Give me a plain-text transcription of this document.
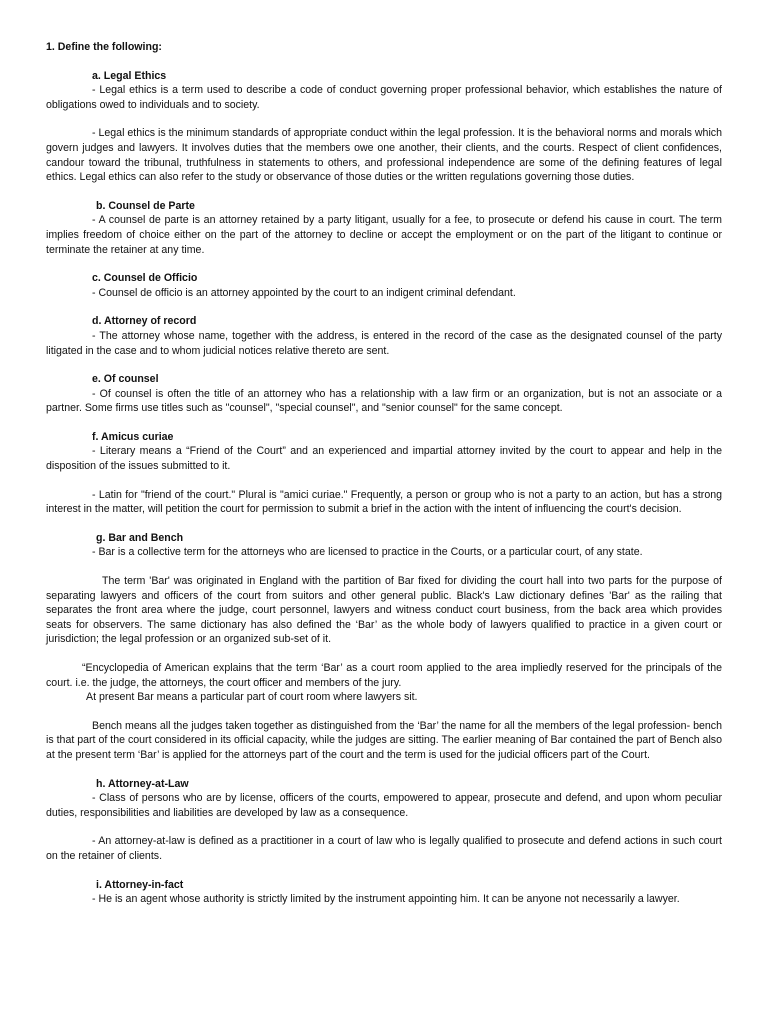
1. Define the following:
a. Legal Ethics

- Legal ethics is a term used to describe a code of conduct governing proper professional behavior, which establishes the nature of obligations owed to individuals and to society.

- Legal ethics is the minimum standards of appropriate conduct within the legal profession. It is the behavioral norms and morals which govern judges and lawyers. It involves duties that the members owe one another, their clients, and the courts. Respect of client confidences, candour toward the tribunal, truthfulness in statements to others, and professional independence are some of the defining features of legal ethics. Legal ethics can also refer to the study or observance of those duties or the written regulations governing those duties.

b. Counsel de Parte

- A counsel de parte is an attorney retained by a party litigant, usually for a fee, to prosecute or defend his cause in court. The term implies freedom of choice either on the part of the attorney to decline or accept the employment or on the part of the litigant to continue or terminate the retainer at any time.

c. Counsel de Officio

- Counsel de officio is an attorney appointed by the court to an indigent criminal defendant.

d. Attorney of record

- The attorney whose name, together with the address, is entered in the record of the case as the designated counsel of the party litigated in the case and to whom judicial notices relative thereto are sent.

e. Of counsel

- Of counsel is often the title of an attorney who has a relationship with a law firm or an organization, but is not an associate or a partner. Some firms use titles such as "counsel", "special counsel", and "senior counsel" for the same concept.

f. Amicus curiae

- Literary means a “Friend of the Court” and an experienced and impartial attorney invited by the court to appear and help in the disposition of the issues submitted to it.

- Latin for "friend of the court." Plural is "amici curiae." Frequently, a person or group who is not a party to an action, but has a strong interest in the matter, will petition the court for permission to submit a brief in the action with the intent of influencing the court's decision.

g. Bar and Bench

- Bar is a collective term for the attorneys who are licensed to practice in the Courts, or a particular court, of any state.

The term 'Bar' was originated in England with the partition of Bar fixed for dividing the court hall into two parts for the purpose of separating lawyers and officers of the court from suitors and other general public. Black's Law dictionary defines 'Bar' as the railing that separates the front area where the judge, court personnel, lawyers and witness conduct court business, from the back area which provides seats for observers. The same dictionary has also defined the ‘Bar’ as the whole body of lawyers qualified to practice in a given court or jurisdiction; the legal profession or an organized sub-set of it.

“Encyclopedia of American explains that the term ‘Bar’ as a court room applied to the area impliedly reserved for the principals of the court. i.e. the judge, the attorneys, the court officer and members of the jury.

At present Bar means a particular part of court room where lawyers sit.

Bench means all the judges taken together as distinguished from the ‘Bar’ the name for all the members of the legal profession- bench is that part of the court considered in its official capacity, while the judges are sitting. The earlier meaning of Bar contained the part of Bench also at the present term ‘Bar’ is applied for the attorneys part of the court and the term is used for the judicial officers part of the Court.

h. Attorney-at-Law

- Class of persons who are by license, officers of the courts, empowered to appear, prosecute and defend, and upon whom peculiar duties, responsibilities and liabilities are developed by law as a consequence.

- An attorney-at-law is defined as a practitioner in a court of law who is legally qualified to prosecute and defend actions in such court on the retainer of clients.

i. Attorney-in-fact

- He is an agent whose authority is strictly limited by the instrument appointing him. It can be anyone not necessarily a lawyer.
